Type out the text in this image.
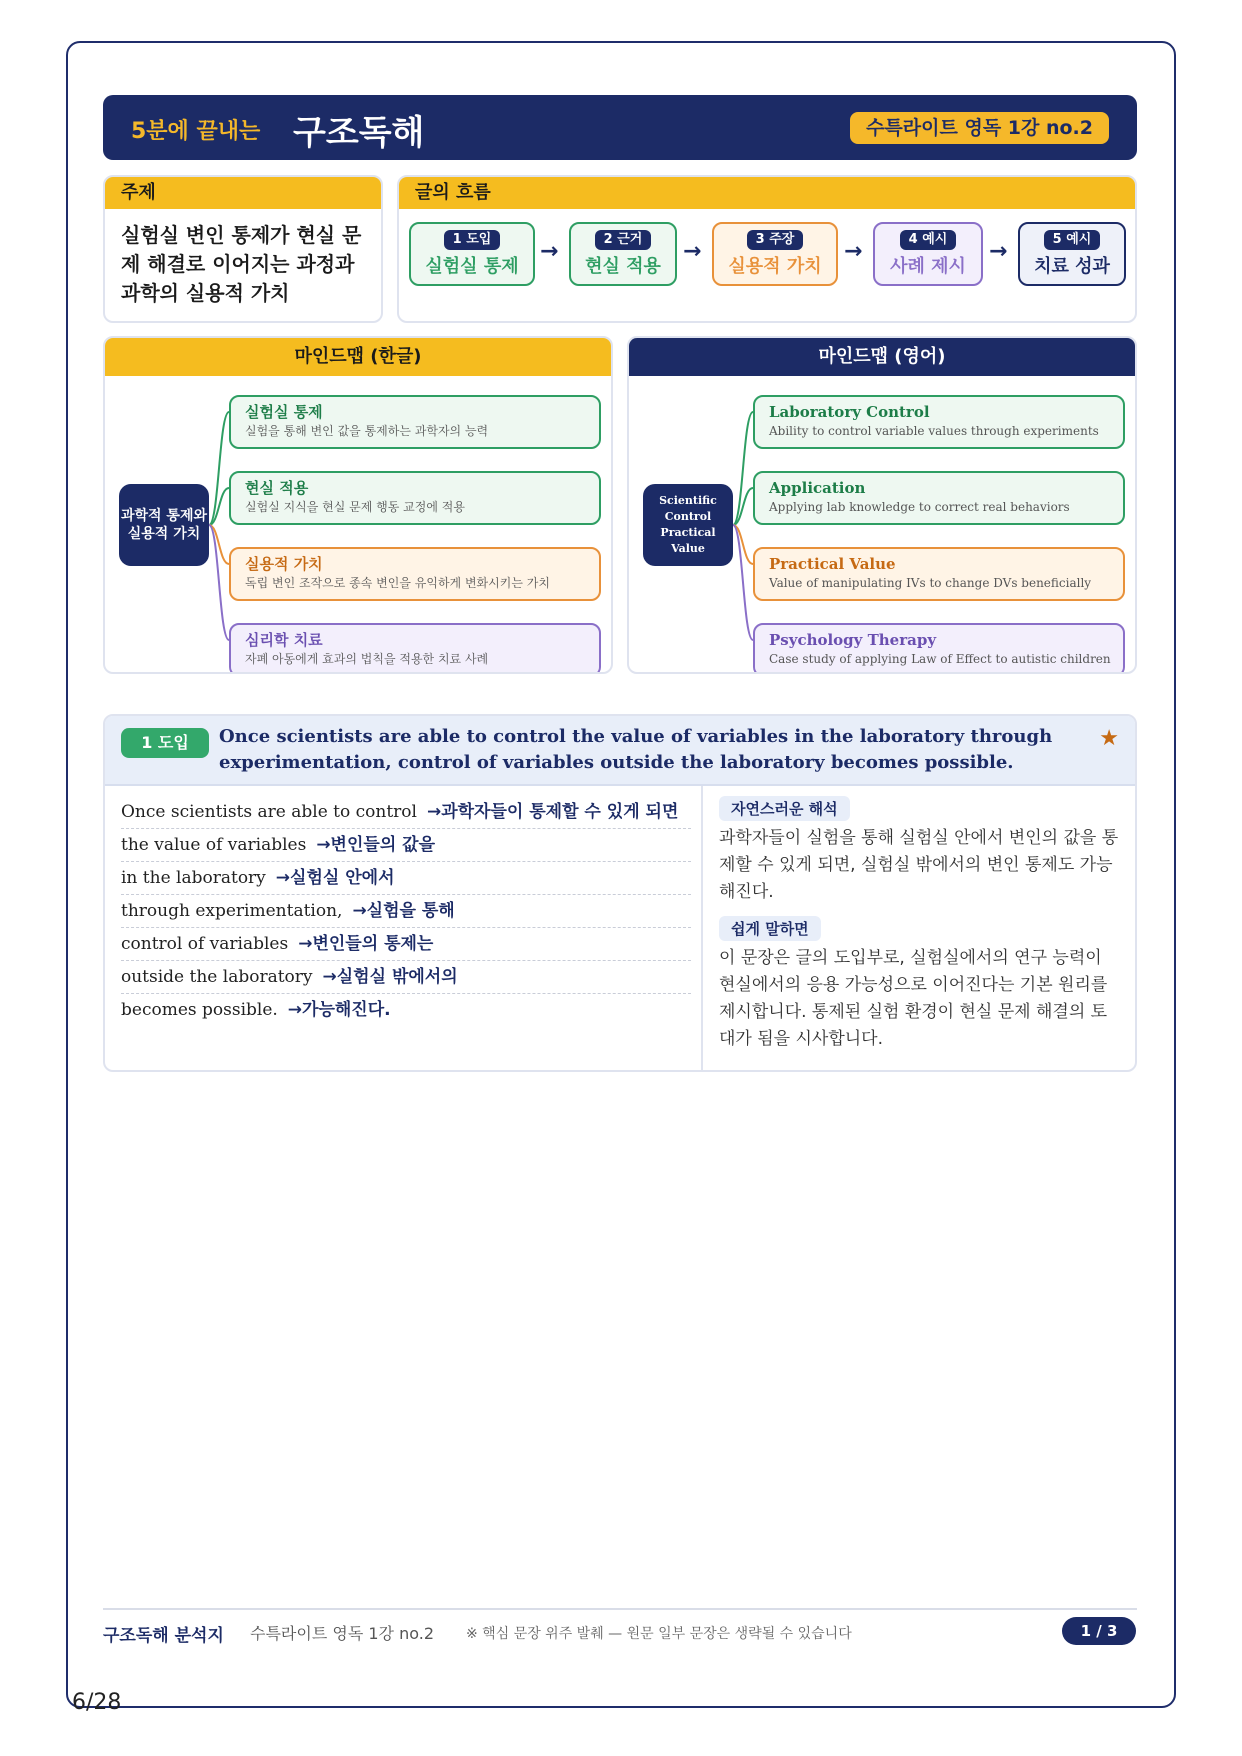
5분에 끝내는 구조독해	수특라이트 영독 1강 no.2
주제
실험실 변인 통제가 현실 문제 해결로 이어지는 과정과 과학의 실용적 가치
글의 흐름
1 도입
실험실 통제
→	2 근거
현실 적용
→	3 주장
실용적 가치
→	4 예시
사례 제시
→	5 예시
치료 성과
마인드맵 (한글)
과학적 통제와 실용적 가치
실험실 통제
실험을 통해 변인 값을 통제하는 과학자의 능력
현실 적용
실험실 지식을 현실 문제 행동 교정에 적용
실용적 가치
독립 변인 조작으로 종속 변인을 유익하게 변화시키는 가치
심리학 치료
자폐 아동에게 효과의 법칙을 적용한 치료 사례
마인드맵 (영어)
Scientific Control Practical Value
Laboratory Control
Ability to control variable values through experiments
Application
Applying lab knowledge to correct real behaviors
Practical Value
Value of manipulating IVs to change DVs beneficially
Psychology Therapy
Case study of applying Law of Effect to autistic children
1 도입	Once scientists are able to control the value of variables in the laboratory through experimentation, control of variables outside the laboratory becomes possible.
★
Once scientists are able to control →과학자들이 통제할 수 있게 되면
the value of variables →변인들의 값을
in the laboratory →실험실 안에서
through experimentation, →실험을 통해
control of variables →변인들의 통제는
outside the laboratory →실험실 밖에서의
becomes possible. →가능해진다.
자연스러운 해석
과학자들이 실험을 통해 실험실 안에서 변인의 값을 통제할 수 있게 되면, 실험실 밖에서의 변인 통제도 가능해진다.
쉽게 말하면
이 문장은 글의 도입부로, 실험실에서의 연구 능력이 현실에서의 응용 가능성으로 이어진다는 기본 원리를 제시합니다. 통제된 실험 환경이 현실 문제 해결의 토대가 됨을 시사합니다.
구조독해 분석지 수특라이트 영독 1강 no.2 ※ 핵심 문장 위주 발췌 — 원문 일부 문장은 생략될 수 있습니다	1 / 3
6/28
